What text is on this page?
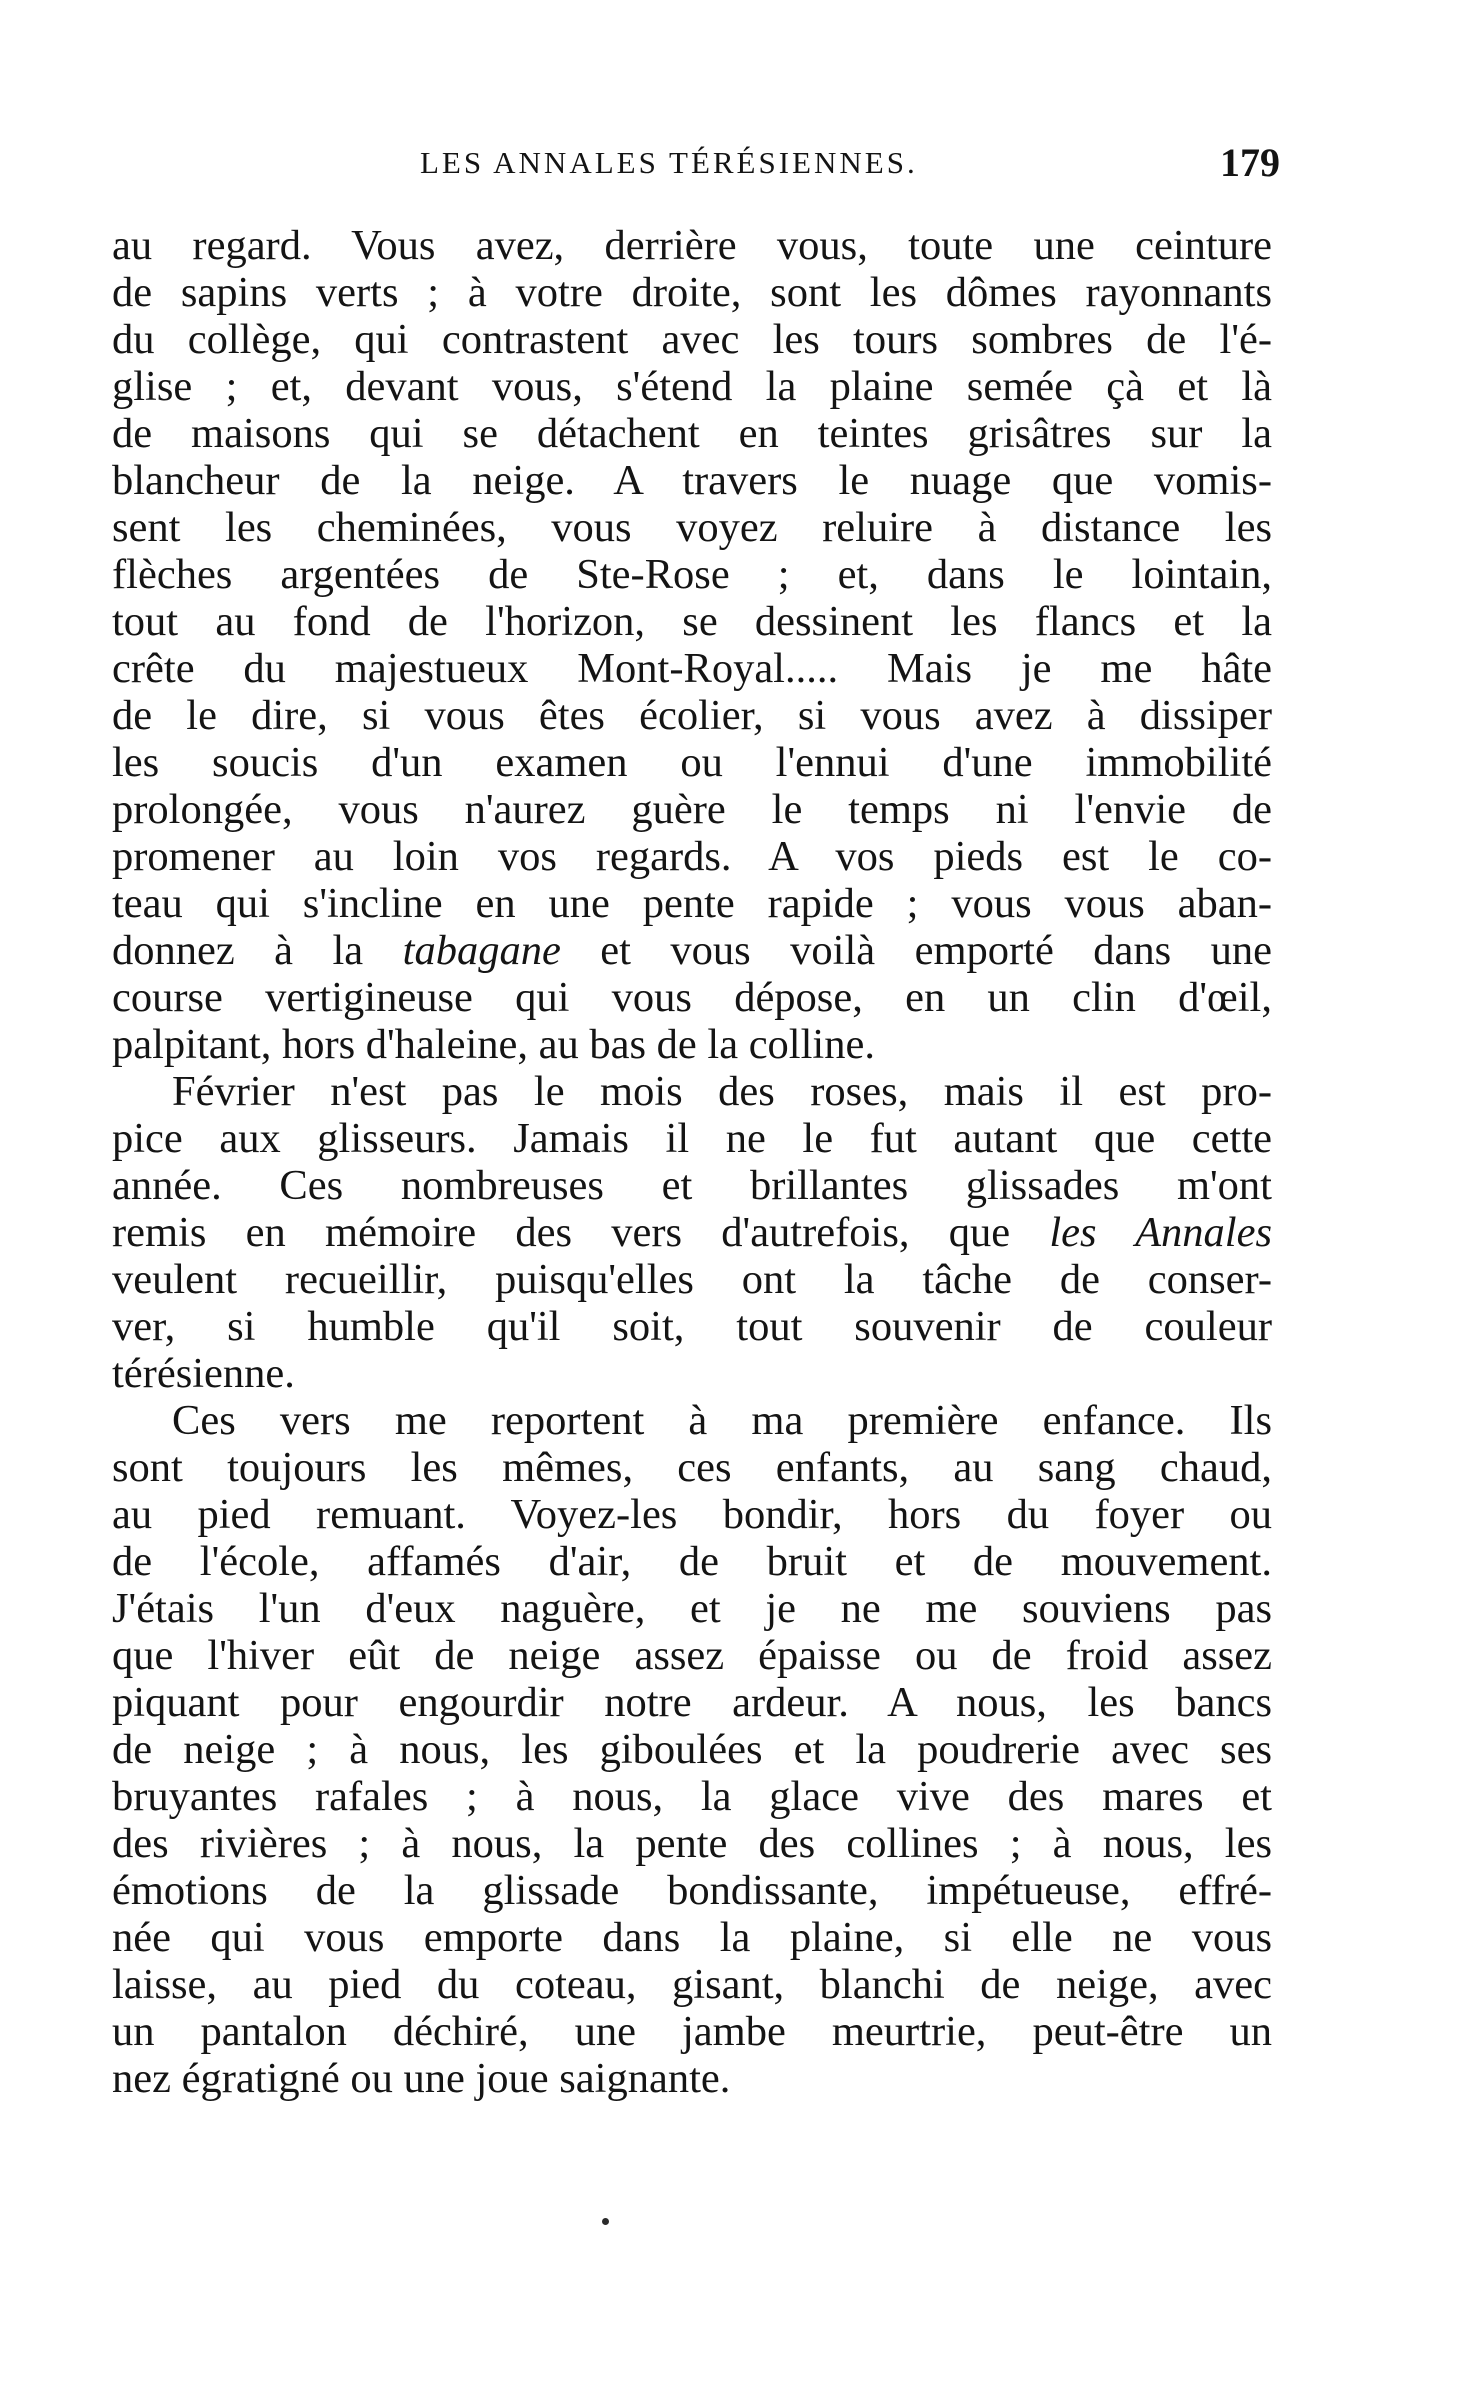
LES ANNALES TÉRÉSIENNES.	179

au regard. Vous avez, derrière vous, toute une ceinture
de sapins verts ; à votre droite, sont les dômes rayonnants
du collège, qui contrastent avec les tours sombres de l'é-
glise ; et, devant vous, s'étend la plaine semée çà et là
de maisons qui se détachent en teintes grisâtres sur la
blancheur de la neige. A travers le nuage que vomis-
sent les cheminées, vous voyez reluire à distance les
flèches argentées de Ste-Rose ; et, dans le lointain,
tout au fond de l'horizon, se dessinent les flancs et la
crête du majestueux Mont-Royal..... Mais je me hâte
de le dire, si vous êtes écolier, si vous avez à dissiper
les soucis d'un examen ou l'ennui d'une immobilité
prolongée, vous n'aurez guère le temps ni l'envie de
promener au loin vos regards. A vos pieds est le co-
teau qui s'incline en une pente rapide ; vous vous aban-
donnez à la tabagane et vous voilà emporté dans une
course vertigineuse qui vous dépose, en un clin d'œil,
palpitant, hors d'haleine, au bas de la colline.

Février n'est pas le mois des roses, mais il est pro-
pice aux glisseurs. Jamais il ne le fut autant que cette
année. Ces nombreuses et brillantes glissades m'ont
remis en mémoire des vers d'autrefois, que les Annales
veulent recueillir, puisqu'elles ont la tâche de conser-
ver, si humble qu'il soit, tout souvenir de couleur
térésienne.

Ces vers me reportent à ma première enfance. Ils
sont toujours les mêmes, ces enfants, au sang chaud,
au pied remuant. Voyez-les bondir, hors du foyer ou
de l'école, affamés d'air, de bruit et de mouvement.
J'étais l'un d'eux naguère, et je ne me souviens pas
que l'hiver eût de neige assez épaisse ou de froid assez
piquant pour engourdir notre ardeur. A nous, les bancs
de neige ; à nous, les giboulées et la poudrerie avec ses
bruyantes rafales ; à nous, la glace vive des mares et
des rivières ; à nous, la pente des collines ; à nous, les
émotions de la glissade bondissante, impétueuse, effré-
née qui vous emporte dans la plaine, si elle ne vous
laisse, au pied du coteau, gisant, blanchi de neige, avec
un pantalon déchiré, une jambe meurtrie, peut-être un
nez égratigné ou une joue saignante.
